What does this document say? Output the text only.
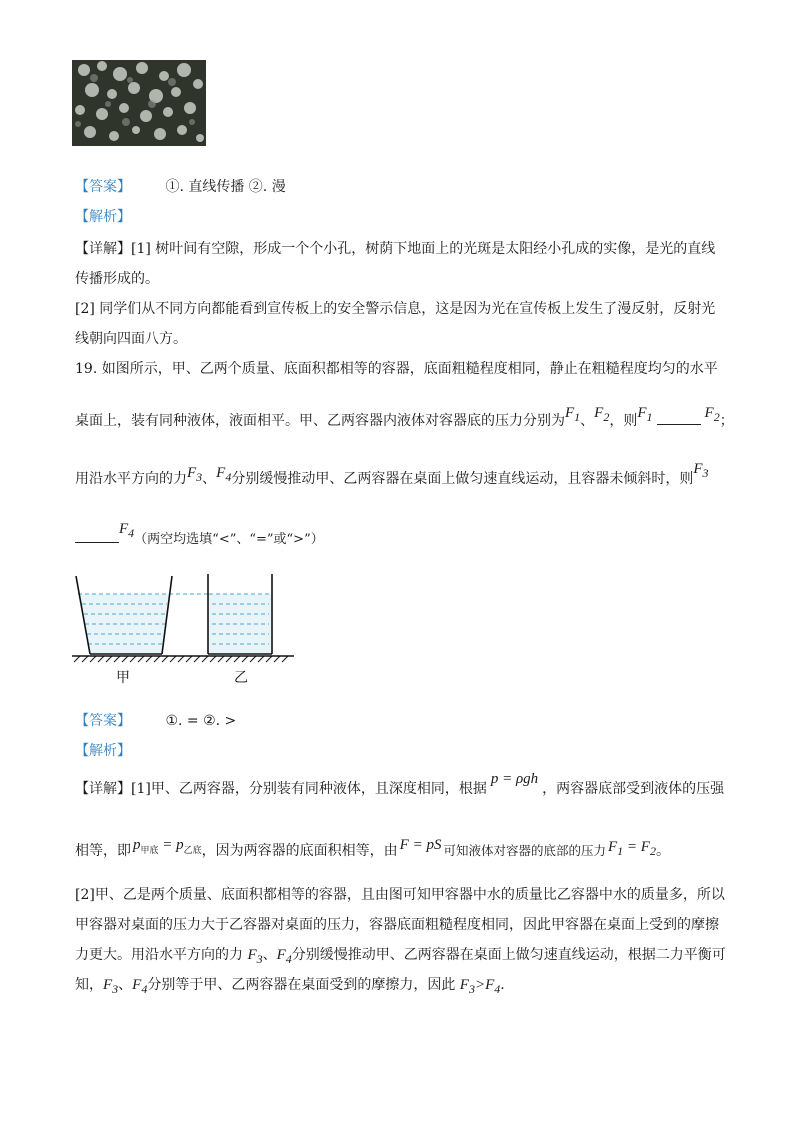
【答案】 ①. 直线传播 ②. 漫
【解析】
【详解】[1] 树叶间有空隙，形成一个个小孔，树荫下地面上的光斑是太阳经小孔成的实像，是光的直线
传播形成的。
[2] 同学们从不同方向都能看到宣传板上的安全警示信息，这是因为光在宣传板上发生了漫反射，反射光
线朝向四面八方。
19. 如图所示，甲、乙两个质量、底面积都相等的容器，底面粗糙程度相同，静止在粗糙程度均匀的水平
桌面上，装有同种液体，液面相平。甲、乙两容器内液体对容器底的压力分别为$F_1$、$F_2$，则$F_1$	$F_2$；
用沿水平方向的力$F_3$、$F_4$分别缓慢推动甲、乙两容器在桌面上做匀速直线运动，且容器未倾斜时，则$F_3$
$F_4$（两空均选填“<”、“=”或“>”）
甲	乙
【答案】 ①. = ②. >
【解析】
【详解】[1]甲、乙两容器，分别装有同种液体，且深度相同，根据p = ρgh，两容器底部受到液体的压强
相等，即 $p_{甲底} = p_{乙底}$，因为两容器的底面积相等，由 F = pS 可知液体对容器的底部的压力 $F_1 = F_2$。
[2]甲、乙是两个质量、底面积都相等的容器，且由图可知甲容器中水的质量比乙容器中水的质量多，所以
甲容器对桌面的压力大于乙容器对桌面的压力，容器底面粗糙程度相同，因此甲容器在桌面上受到的摩擦
力更大。用沿水平方向的力 $F_3$、$F_4$分别缓慢推动甲、乙两容器在桌面上做匀速直线运动，根据二力平衡可
知，$F_3$、$F_4$分别等于甲、乙两容器在桌面受到的摩擦力，因此 $F_3>F_4$.
